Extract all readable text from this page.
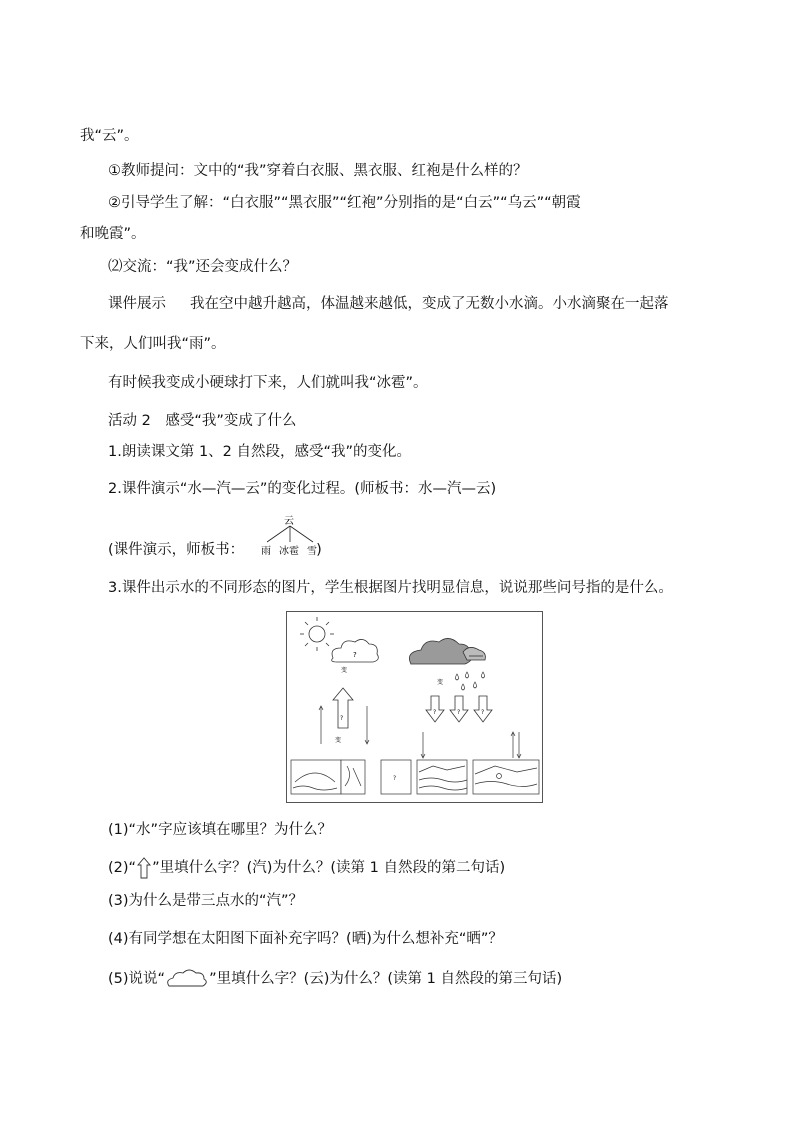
我“云”。
①教师提问：文中的“我”穿着白衣服、黑衣服、红袍是什么样的？
②引导学生了解：“白衣服”“黑衣服”“红袍”分别指的是“白云”“乌云”“朝霞
和晚霞”。
⑵交流：“我”还会变成什么？
课件展示 我在空中越升越高，体温越来越低，变成了无数小水滴。小水滴聚在一起落
下来，人们叫我“雨”。
有时候我变成小硬球打下来，人们就叫我“冰雹”。
活动 2　感受“我”变成了什么
1.朗读课文第 1、2 自然段，感受“我”的变化。
2.课件演示“水—汽—云”的变化过程。(师板书：水—汽—云)
(课件演示，师板书：	)
云
雨 冰雹 雪
3.课件出示水的不同形态的图片，学生根据图片找明显信息，说说那些问号指的是什么。
?
变
变
?
变
?	?	?
?
(1)“水”字应该填在哪里？为什么？
(2)“ ”里填什么字？(汽)为什么？(读第 1 自然段的第二句话)
(3)为什么是带三点水的“汽”？
(4)有同学想在太阳图下面补充字吗？(晒)为什么想补充“晒”？
(5)说说“	”里填什么字？(云)为什么？(读第 1 自然段的第三句话)
